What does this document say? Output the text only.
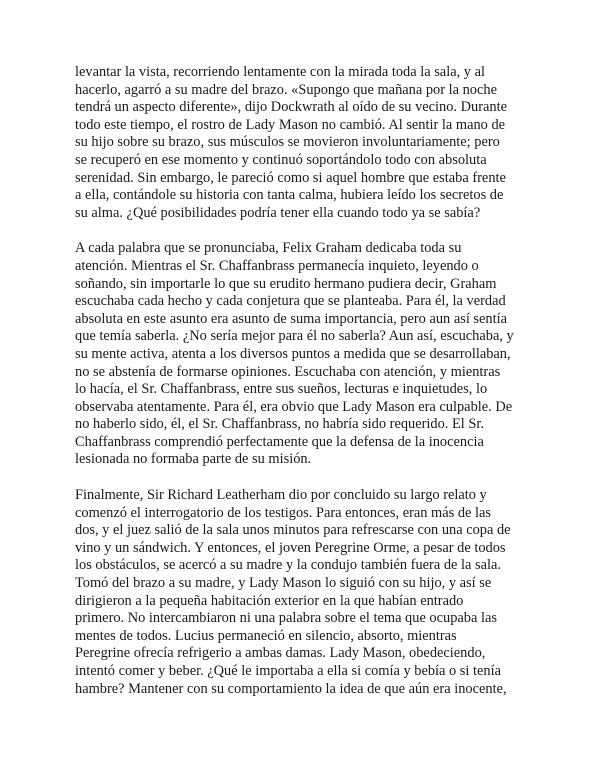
levantar la vista, recorriendo lentamente con la mirada toda la sala, y al
hacerlo, agarró a su madre del brazo. «Supongo que mañana por la noche
tendrá un aspecto diferente», dijo Dockwrath al oído de su vecino. Durante
todo este tiempo, el rostro de Lady Mason no cambió. Al sentir la mano de
su hijo sobre su brazo, sus músculos se movieron involuntariamente; pero
se recuperó en ese momento y continuó soportándolo todo con absoluta
serenidad. Sin embargo, le pareció como si aquel hombre que estaba frente
a ella, contándole su historia con tanta calma, hubiera leído los secretos de
su alma. ¿Qué posibilidades podría tener ella cuando todo ya se sabía?

A cada palabra que se pronunciaba, Felix Graham dedicaba toda su
atención. Mientras el Sr. Chaffanbrass permanecía inquieto, leyendo o
soñando, sin importarle lo que su erudito hermano pudiera decir, Graham
escuchaba cada hecho y cada conjetura que se planteaba. Para él, la verdad
absoluta en este asunto era asunto de suma importancia, pero aun así sentía
que temía saberla. ¿No sería mejor para él no saberla? Aun así, escuchaba, y
su mente activa, atenta a los diversos puntos a medida que se desarrollaban,
no se abstenía de formarse opiniones. Escuchaba con atención, y mientras
lo hacía, el Sr. Chaffanbrass, entre sus sueños, lecturas e inquietudes, lo
observaba atentamente. Para él, era obvio que Lady Mason era culpable. De
no haberlo sido, él, el Sr. Chaffanbrass, no habría sido requerido. El Sr.
Chaffanbrass comprendió perfectamente que la defensa de la inocencia
lesionada no formaba parte de su misión.

Finalmente, Sir Richard Leatherham dio por concluido su largo relato y
comenzó el interrogatorio de los testigos. Para entonces, eran más de las
dos, y el juez salió de la sala unos minutos para refrescarse con una copa de
vino y un sándwich. Y entonces, el joven Peregrine Orme, a pesar de todos
los obstáculos, se acercó a su madre y la condujo también fuera de la sala.
Tomó del brazo a su madre, y Lady Mason lo siguió con su hijo, y así se
dirigieron a la pequeña habitación exterior en la que habían entrado
primero. No intercambiaron ni una palabra sobre el tema que ocupaba las
mentes de todos. Lucius permaneció en silencio, absorto, mientras
Peregrine ofrecía refrigerio a ambas damas. Lady Mason, obedeciendo,
intentó comer y beber. ¿Qué le importaba a ella si comía y bebía o si tenía
hambre? Mantener con su comportamiento la idea de que aún era inocente,
